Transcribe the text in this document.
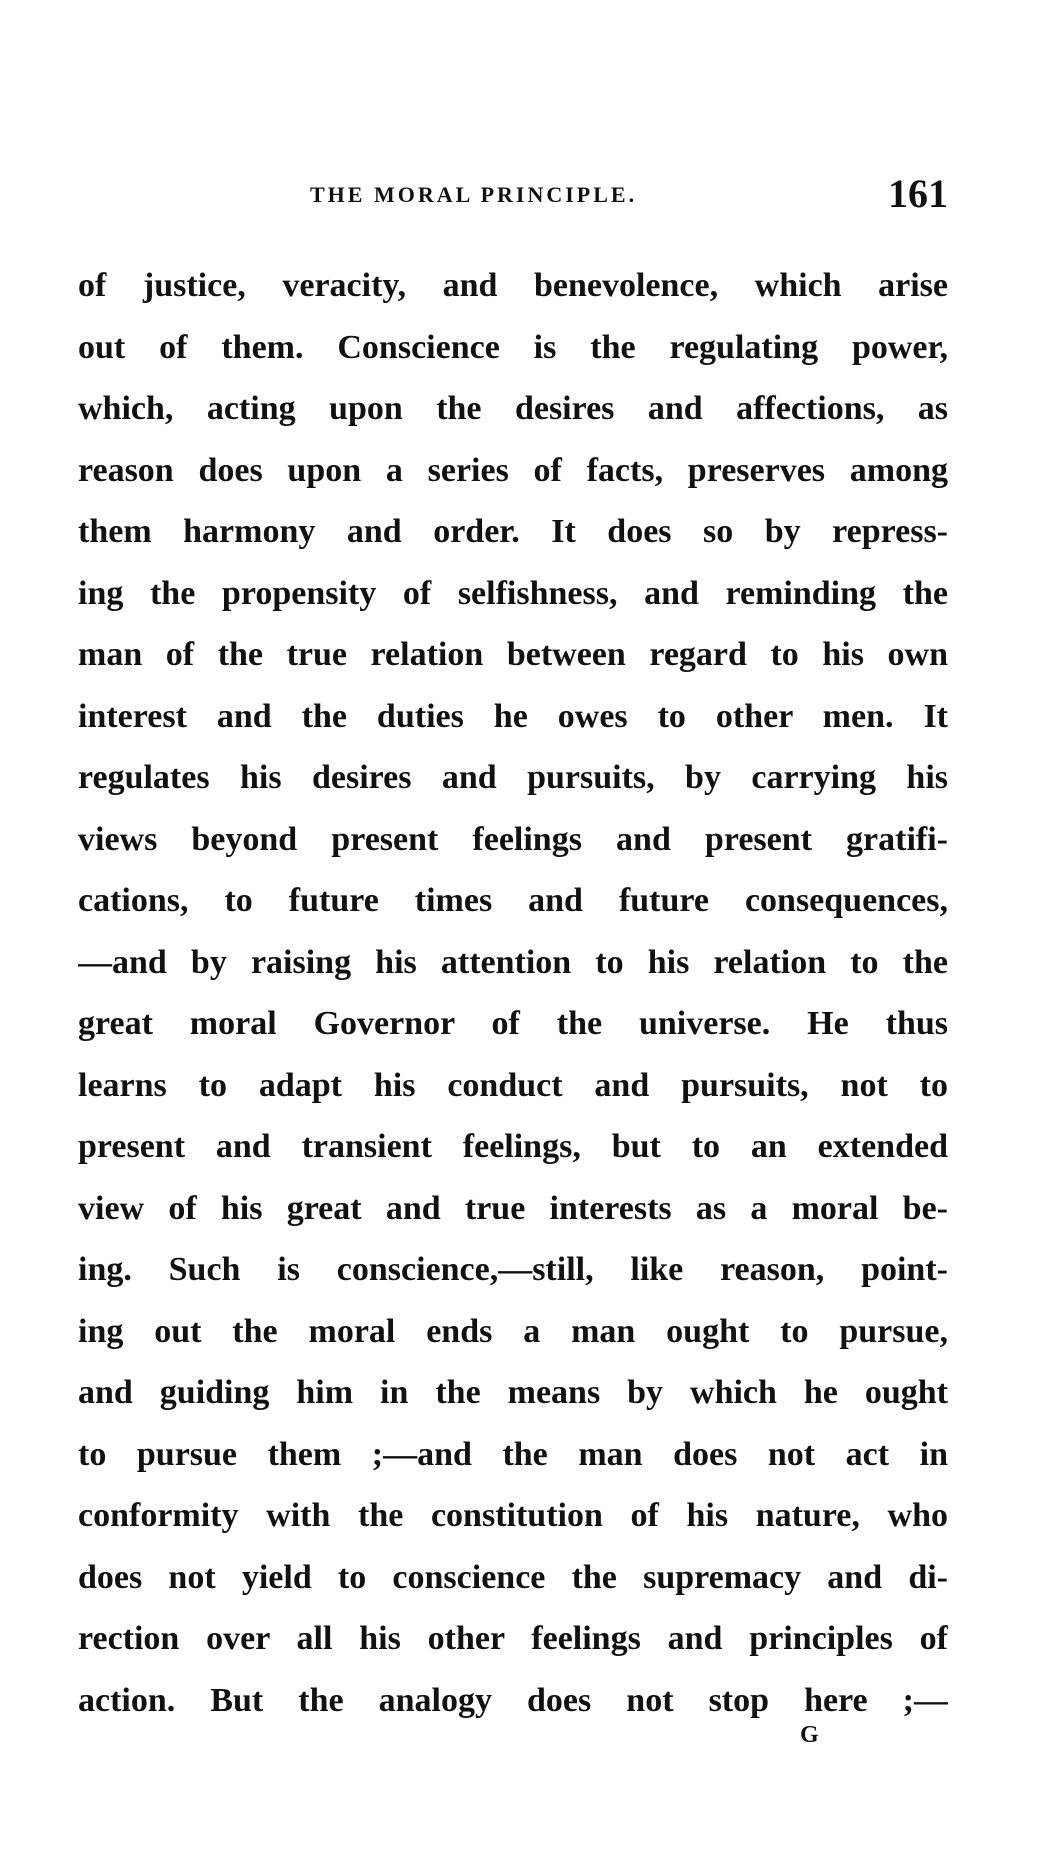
THE MORAL PRINCIPLE.	161
of justice, veracity, and benevolence, which arise
out of them. Conscience is the regulating power,
which, acting upon the desires and affections, as
reason does upon a series of facts, preserves among
them harmony and order. It does so by repress-
ing the propensity of selfishness, and reminding the
man of the true relation between regard to his own
interest and the duties he owes to other men. It
regulates his desires and pursuits, by carrying his
views beyond present feelings and present gratifi-
cations, to future times and future consequences,
—and by raising his attention to his relation to the
great moral Governor of the universe. He thus
learns to adapt his conduct and pursuits, not to
present and transient feelings, but to an extended
view of his great and true interests as a moral be-
ing. Such is conscience,—still, like reason, point-
ing out the moral ends a man ought to pursue,
and guiding him in the means by which he ought
to pursue them ;—and the man does not act in
conformity with the constitution of his nature, who
does not yield to conscience the supremacy and di-
rection over all his other feelings and principles of
action. But the analogy does not stop here ;—
G
